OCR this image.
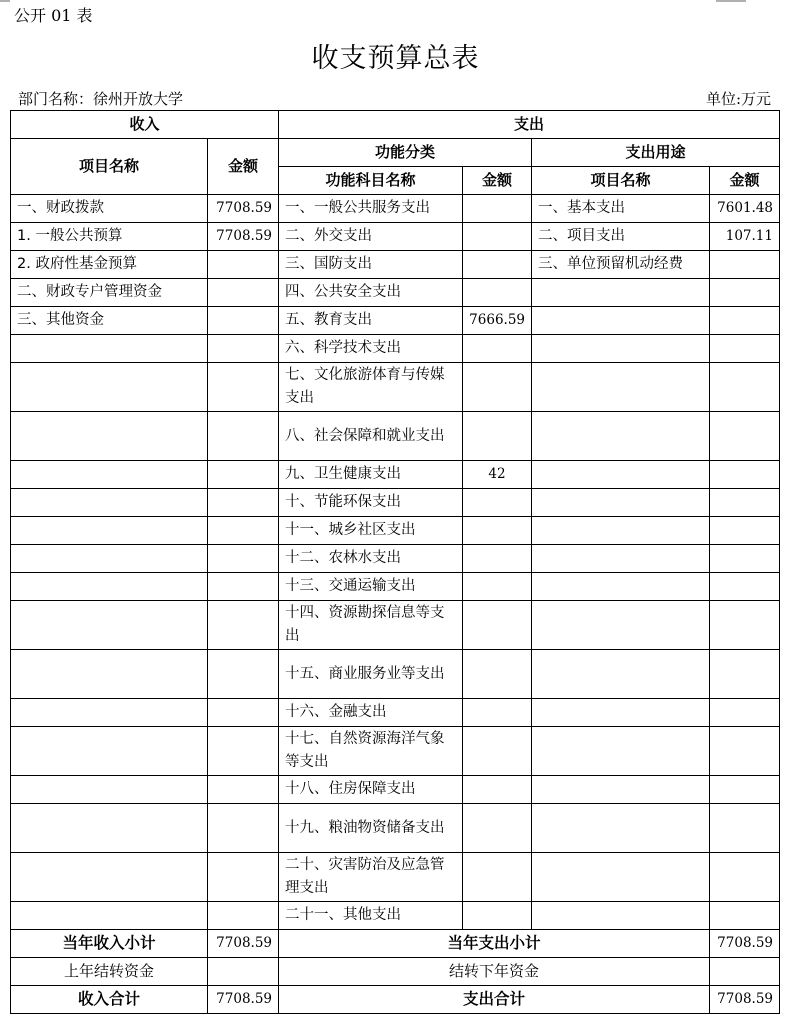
公开 01 表
收支预算总表
部门名称：徐州开放大学	单位:万元
收入		支出			
项目名称	金额	功能分类		支出用途	
		功能科目名称	金额	项目名称	金额
一、财政拨款	7708.59	一、一般公共服务支出		一、基本支出	7601.48
1. 一般公共预算	7708.59	二、外交支出		二、项目支出	107.11
2. 政府性基金预算		三、国防支出		三、单位预留机动经费	
二、财政专户管理资金		四、公共安全支出			
三、其他资金		五、教育支出	7666.59		
		六、科学技术支出			
		七、文化旅游体育与传媒支出			
		八、社会保障和就业支出			
		九、卫生健康支出	42		
		十、节能环保支出			
		十一、城乡社区支出			
		十二、农林水支出			
		十三、交通运输支出			
		十四、资源勘探信息等支出			
		十五、商业服务业等支出			
		十六、金融支出			
		十七、自然资源海洋气象等支出			
		十八、住房保障支出			
		十九、粮油物资储备支出			
		二十、灾害防治及应急管理支出			
		二十一、其他支出			
当年收入小计	7708.59	当年支出小计			7708.59
上年结转资金		结转下年资金			
收入合计	7708.59	支出合计			7708.59
